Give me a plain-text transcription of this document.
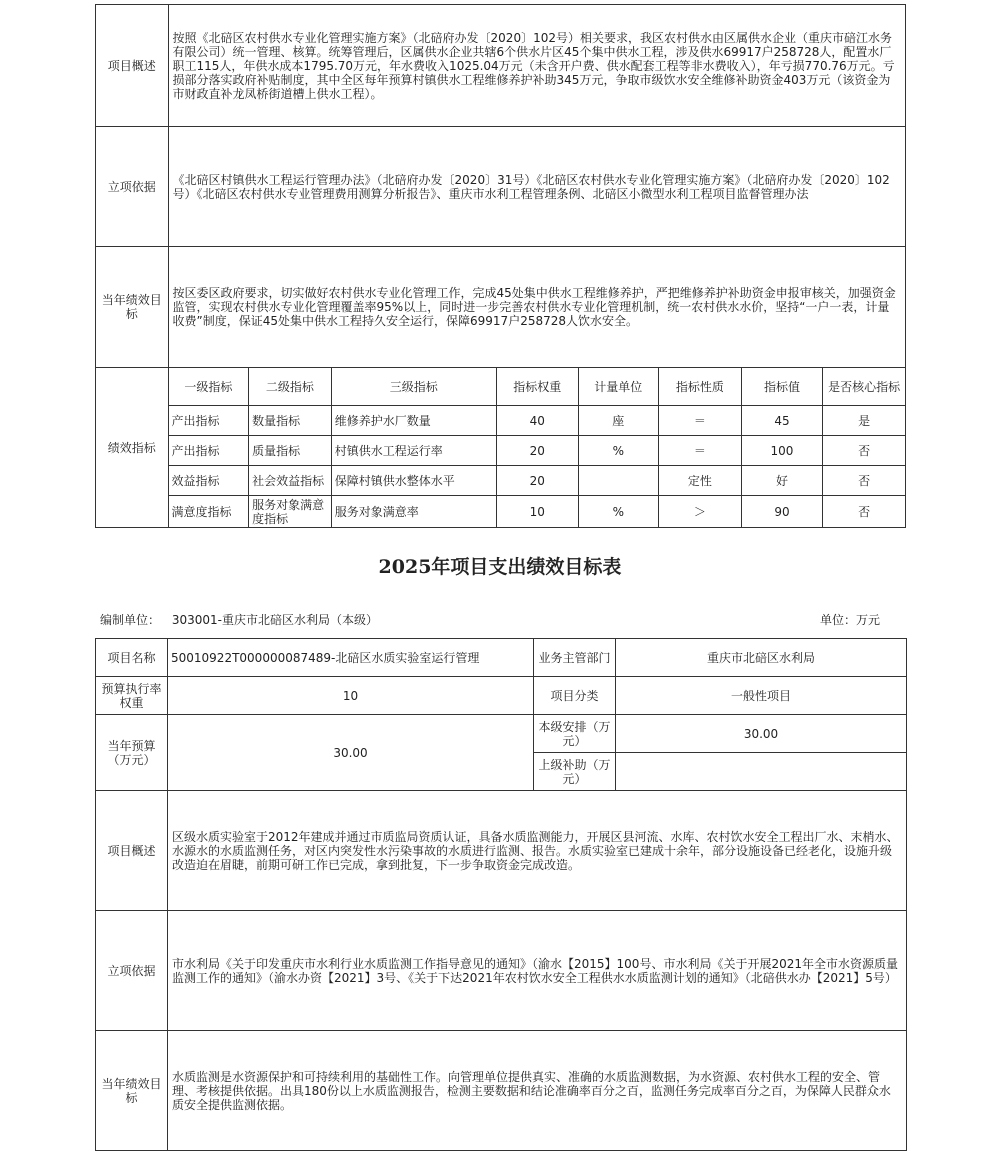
项目概述	按照《北碚区农村供水专业化管理实施方案》（北碚府办发〔2020〕102号）相关要求，我区农村供水由区属供水企业（重庆市碚江水务有限公司）统一管理、核算。统筹管理后，区属供水企业共辖6个供水片区45个集中供水工程，涉及供水69917户258728人，配置水厂职工115人，年供水成本1795.70万元，年水费收入1025.04万元（未含开户费、供水配套工程等非水费收入），年亏损770.76万元。亏损部分落实政府补贴制度，其中全区每年预算村镇供水工程维修养护补助345万元，争取市级饮水安全维修补助资金403万元（该资金为市财政直补龙凤桥街道槽上供水工程）。							
立项依据	《北碚区村镇供水工程运行管理办法》（北碚府办发〔2020〕31号）《北碚区农村供水专业化管理实施方案》（北碚府办发〔2020〕102号）《北碚区农村供水专业管理费用测算分析报告》、重庆市水利工程管理条例、北碚区小微型水利工程项目监督管理办法							
当年绩效目标	按区委区政府要求，切实做好农村供水专业化管理工作，完成45处集中供水工程维修养护，严把维修养护补助资金申报审核关，加强资金监管，实现农村供水专业化管理覆盖率95%以上，同时进一步完善农村供水专业化管理机制，统一农村供水水价，坚持“一户一表，计量收费”制度，保证45处集中供水工程持久安全运行，保障69917户258728人饮水安全。							
绩效指标	一级指标	二级指标	三级指标	指标权重	计量单位	指标性质	指标值	是否核心指标
	产出指标	数量指标	维修养护水厂数量	40	座	＝	45	是
	产出指标	质量指标	村镇供水工程运行率	20	%	＝	100	否
	效益指标	社会效益指标	保障村镇供水整体水平	20		定性	好	否
	满意度指标	服务对象满意度指标	服务对象满意率	10	%	＞	90	否
2025年项目支出绩效目标表
编制单位： 303001-重庆市北碚区水利局（本级）	单位：万元
项目名称	50010922T000000087489-北碚区水质实验室运行管理	业务主管部门	重庆市北碚区水利局
预算执行率权重	10	项目分类	一般性项目
当年预算（万元）	30.00	本级安排（万元）	30.00
		上级补助（万元）	
项目概述	区级水质实验室于2012年建成并通过市质监局资质认证，具备水质监测能力，开展区县河流、水库、农村饮水安全工程出厂水、末梢水、水源水的水质监测任务，对区内突发性水污染事故的水质进行监测、报告。水质实验室已建成十余年，部分设施设备已经老化，设施升级改造迫在眉睫，前期可研工作已完成，拿到批复，下一步争取资金完成改造。		
立项依据	市水利局《关于印发重庆市水利行业水质监测工作指导意见的通知》（渝水【2015】100号、市水利局《关于开展2021年全市水资源质量监测工作的通知》（渝水办资【2021】3号、《关于下达2021年农村饮水安全工程供水水质监测计划的通知》（北碚供水办【2021】5号）		
当年绩效目标	水质监测是水资源保护和可持续利用的基础性工作。向管理单位提供真实、准确的水质监测数据，为水资源、农村供水工程的安全、管理、考核提供依据。出具180份以上水质监测报告，检测主要数据和结论准确率百分之百，监测任务完成率百分之百，为保障人民群众水质安全提供监测依据。		
